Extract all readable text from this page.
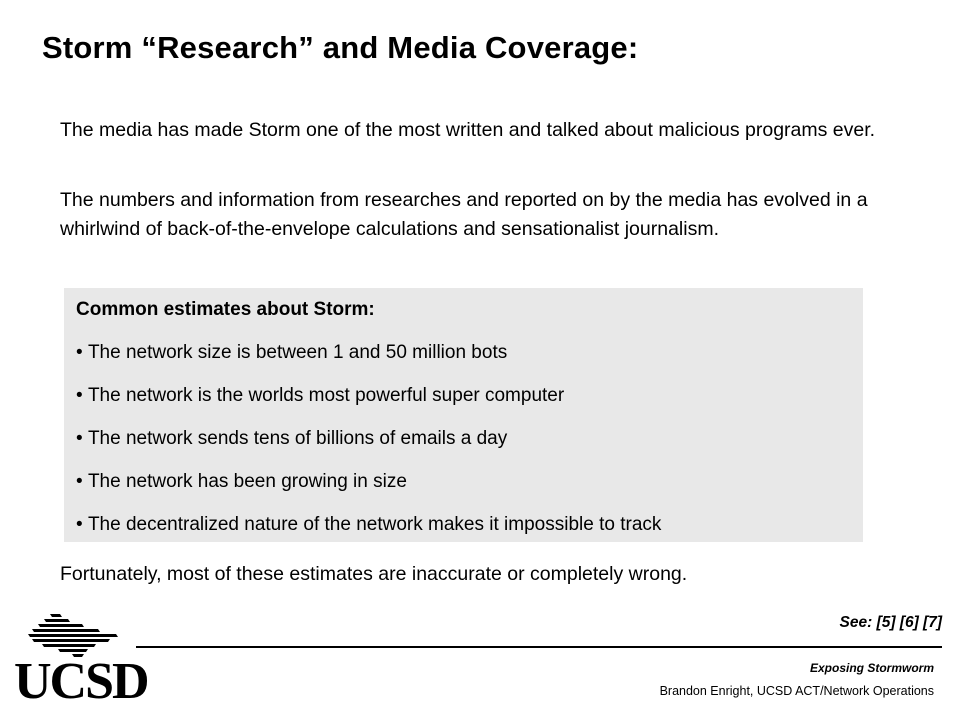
Storm “Research” and Media Coverage:

The media has made Storm one of the most written and talked about malicious programs ever.

The numbers and information from researches and reported on by the media has evolved in a whirlwind of back-of-the-envelope calculations and sensationalist journalism.

Common estimates about Storm:
• The network size is between 1 and 50 million bots
• The network is the worlds most powerful super computer
• The network sends tens of billions of emails a day
• The network has been growing in size
• The decentralized nature of the network makes it impossible to track

Fortunately, most of these estimates are inaccurate or completely wrong.

See: [5] [6] [7]
UCSD	Exposing Stormworm
Brandon Enright, UCSD ACT/Network Operations
